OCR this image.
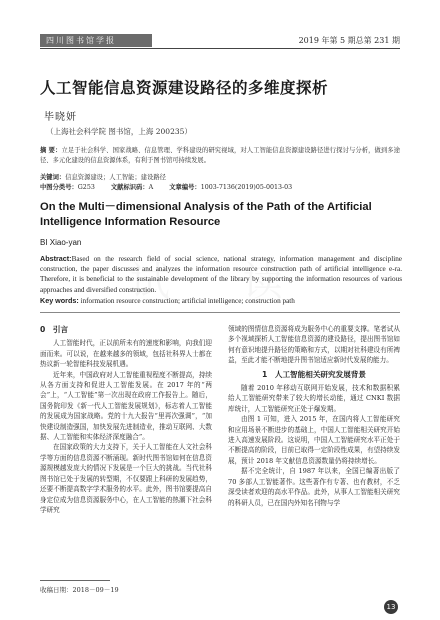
四川图书馆学报	2019 年第 5 期总第 231 期
人工智能信息资源建设路径的多维度探析
毕晓妍
（上海社会科学院 图书馆，上海 200235）
摘 要：立足于社会科学、国家战略、信息管理、学科建设的研究视域，对人工智能信息资源建设路径进行探讨与分析，做到多途径、多元化建设的信息资源体系，有利于图书馆可持续发展。
关键词：信息资源建设；人工智能；建设路径
中图分类号：G253	文献标识码：A	文章编号：1003-7136(2019)05-0013-03
On the Multi－dimensional Analysis of the Path of the Artificial Intelligence Information Resource
BI Xiao-yan
Abstract:Based on the research field of social science, national strategy, information management and discipline construction, the paper discusses and analyzes the information resource construction path of artificial intelligence e-ra. Therefore, it is beneficial to the sustainable development of the library by supporting the information resources of various approaches and diversified construction.
Key words: information resource construction; artificial intelligence; construction path
0　引言

人工智能时代，正以前所未有的速度和影响，向我们迎面而来。可以说，在越来越多的领域，包括社科界人士都在热议新一轮智能科技发展机遇。

近年来，中国政府对人工智能重视程度不断提高，持续从各方面支持和促进人工智能发展。在 2017 年的“两会”上，“人工智能”第一次出现在政府工作报告上。随后，国务院印发《新一代人工智能发展规划》，标志着人工智能的发展成为国家战略。党的十九大报告“里再次强调”，“加快建设制造强国，加快发展先进制造业，推动互联网、大数据、人工智能和实体经济深度融合”。

在国家政策的大力支持下，关于人工智能在人文社会科学等方面的信息资源不断涌现。新时代图书馆如何在信息资源规模越发庞大的情况下发展是一个巨大的挑战。当代社科图书馆已处于发展的转型期，不仅要跟上科研的发展趋势，还要不断提高数字学术服务的水平。此外，图书馆要提高自身定位成为信息资源服务中心，在人工智能的热潮下社会科学研究

领域的图情信息资源将成为服务中心的重要支撑。笔者试从多个视域探析人工智能信息资源的建设路径，提出图书馆如何有意识地提升路径的策略和方式，以期对社科建设有所裨益，至此才能不断地提升图书馆适应新时代发展的能力。

1　人工智能相关研究发展背景

随着 2010 年移动互联网开始发展，技术和数据积累给人工智能研究带来了较大的增长动能，通过 CNKI 数据库统计，人工智能研究正处于爆发期。

由图 1 可知，进入 2015 年，在国内将人工智能研究和应用场景不断进步的基础上，中国人工智能相关研究开始进入高速发展阶段。这说明，中国人工智能研究水平正处于不断提高的阶段，目前已取得一定阶段性成果，有望持续发展，预计 2018 年文献信息资源数量仍将持续增长。

据不完全统计，自 1987 年以来，全国已编著出版了 70 多部人工智能著作。这些著作有专著、也有教材，不乏深受读者欢迎的高水平作品。此外，从事人工智能相关研究的科研人员，已在国内外知名刊物与学

收稿日期：2018－09－19
13
